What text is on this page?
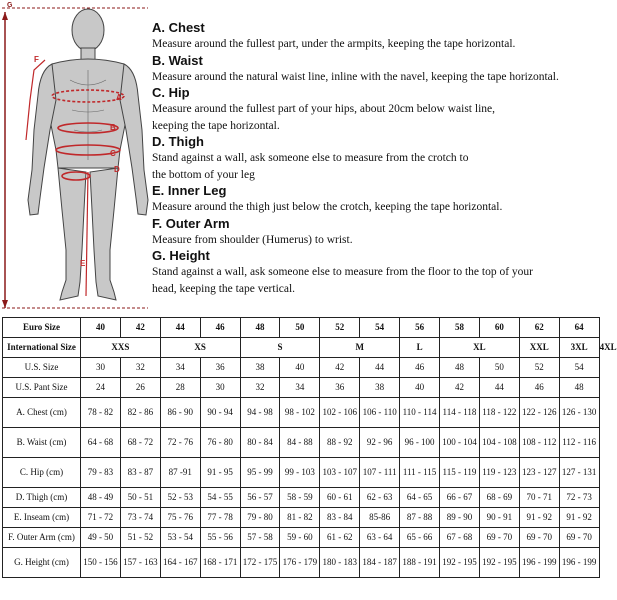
G
F
A
B
C
D
E
A. Chest
Measure around the fullest part, under the armpits, keeping the tape horizontal.
B. Waist
Measure around the natural waist line, inline with the navel, keeping the tape horizontal.
C. Hip
Measure around the fullest part of your hips, about 20cm below waist line,
keeping the tape horizontal.
D. Thigh
Stand against a wall, ask someone else to measure from the crotch to
the bottom of your leg
E. Inner Leg
Measure around the thigh just below the crotch, keeping the tape horizontal.
F. Outer Arm
Measure from shoulder (Humerus) to wrist.
G. Height
Stand against a wall, ask someone else to measure from the floor to the top of your
head, keeping the tape vertical.
Euro Size	40	42	44	46	48	50	52	54	56	58	60	62	64	
International Size	XXS		XS		S		M		L	XL		XXL	3XL	4XL
U.S. Size	30	32	34	36	38	40	42	44	46	48	50	52	54	
U.S. Pant Size	24	26	28	30	32	34	36	38	40	42	44	46	48	
A. Chest (cm)	78 - 82	82 - 86	86 - 90	90 - 94	94 - 98	98 - 102	102 - 106	106 - 110	110 - 114	114 - 118	118 - 122	122 - 126	126 - 130	
B. Waist (cm)	64 - 68	68 - 72	72 - 76	76 - 80	80 - 84	84 - 88	88 - 92	92 - 96	96 - 100	100 - 104	104 - 108	108 - 112	112 - 116	
C. Hip (cm)	79 - 83	83 - 87	87 -91	91 - 95	95 - 99	99 - 103	103 - 107	107 - 111	111 - 115	115 - 119	119 - 123	123 - 127	127 - 131	
D. Thigh (cm)	48 - 49	50 - 51	52 - 53	54 - 55	56 - 57	58 - 59	60 - 61	62 - 63	64 - 65	66 - 67	68 - 69	70 - 71	72 - 73	
E. Inseam (cm)	71 - 72	73 - 74	75 - 76	77 - 78	79 - 80	81 - 82	83 - 84	85-86	87 - 88	89 - 90	90 - 91	91 - 92	91 - 92	
F. Outer Arm (cm)	49 - 50	51 - 52	53 - 54	55 - 56	57 - 58	59 - 60	61 - 62	63 - 64	65 - 66	67 - 68	69 - 70	69 - 70	69 - 70	
G. Height (cm)	150 - 156	157 - 163	164 - 167	168 - 171	172 - 175	176 - 179	180 - 183	184 - 187	188 - 191	192 - 195	192 - 195	196 - 199	196 - 199	
